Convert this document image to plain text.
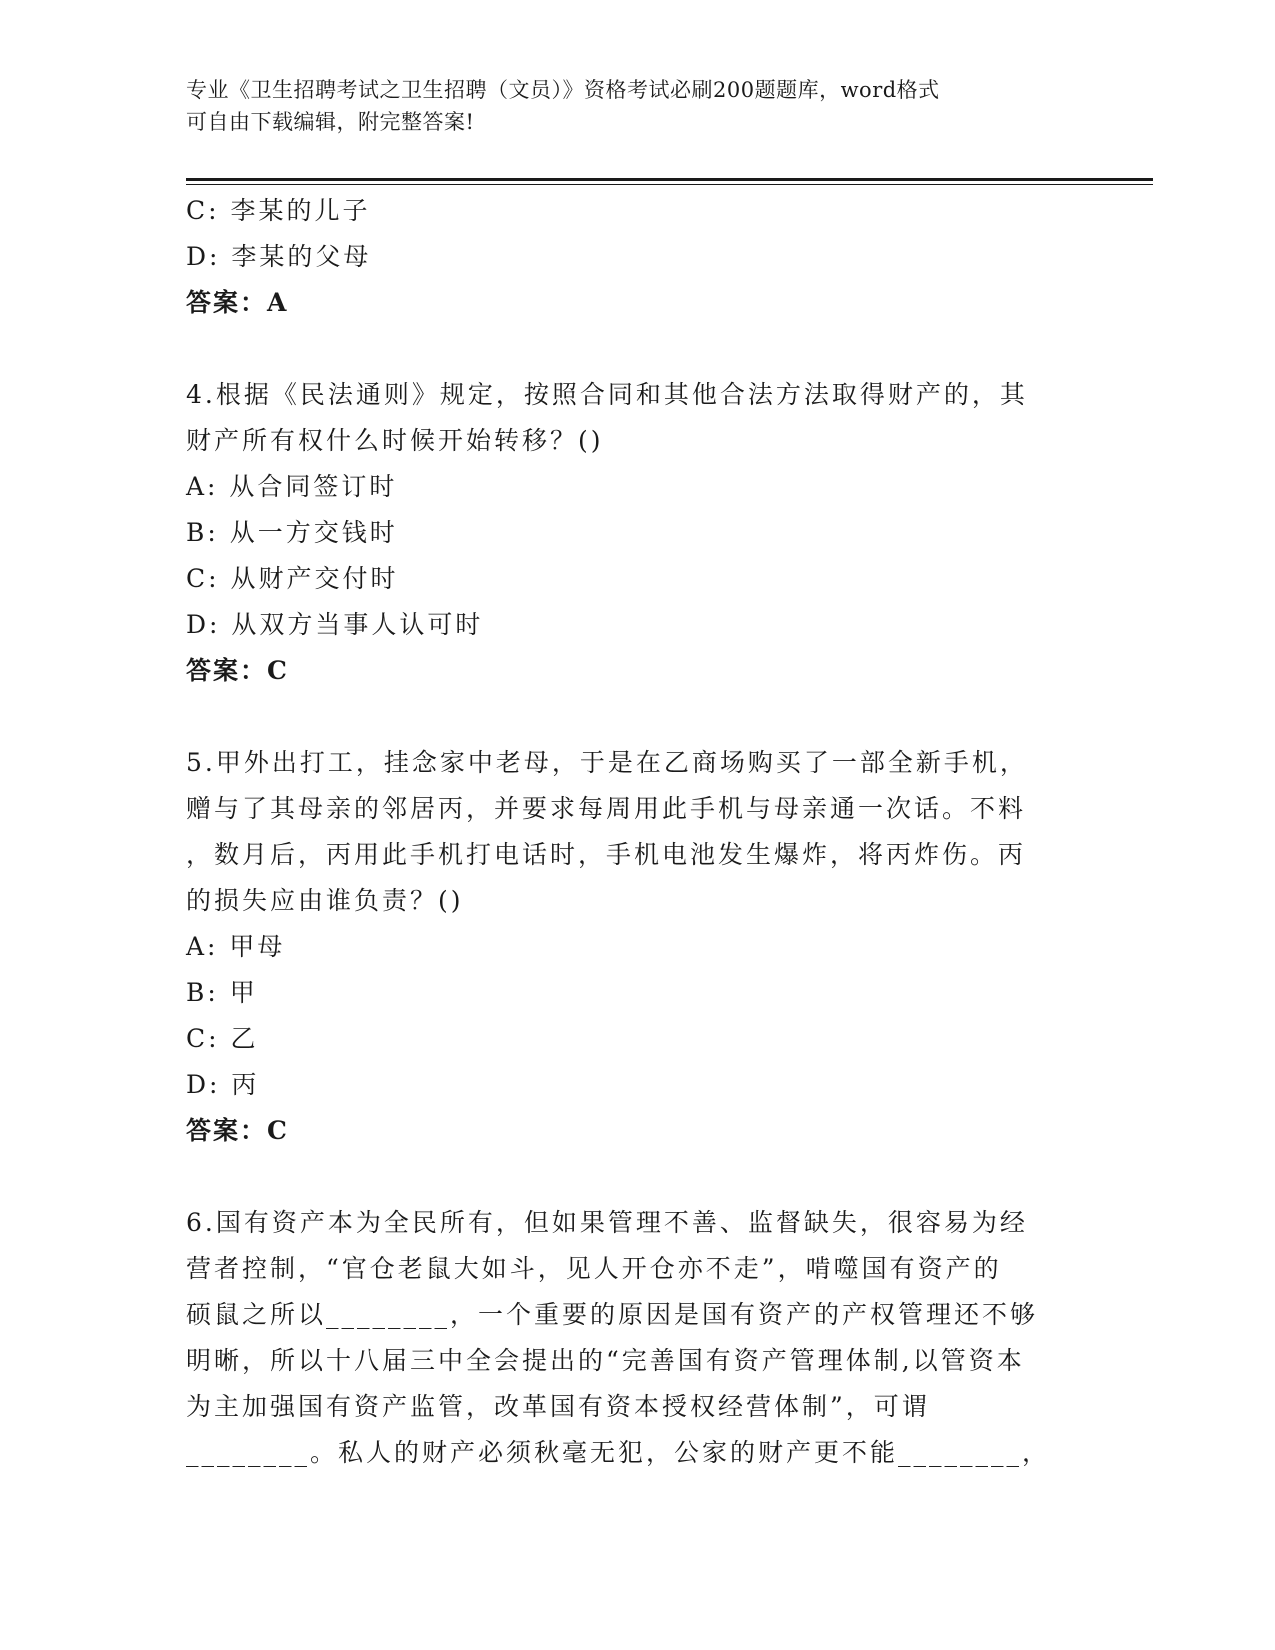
专业《卫生招聘考试之卫生招聘（文员）》资格考试必刷200题题库，word格式
可自由下载编辑，附完整答案!
C: 李某的儿子
D: 李某的父母
答案：A
4.根据《民法通则》规定，按照合同和其他合法方法取得财产的，其
财产所有权什么时候开始转移？()
A: 从合同签订时
B: 从一方交钱时
C: 从财产交付时
D: 从双方当事人认可时
答案：C
5.甲外出打工，挂念家中老母，于是在乙商场购买了一部全新手机，
赠与了其母亲的邻居丙，并要求每周用此手机与母亲通一次话。不料
，数月后，丙用此手机打电话时，手机电池发生爆炸，将丙炸伤。丙
的损失应由谁负责？()
A: 甲母
B: 甲
C: 乙
D: 丙
答案：C
6.国有资产本为全民所有，但如果管理不善、监督缺失，很容易为经
营者控制，“官仓老鼠大如斗，见人开仓亦不走”，啃噬国有资产的
硕鼠之所以________，一个重要的原因是国有资产的产权管理还不够
明晰，所以十八届三中全会提出的“完善国有资产管理体制,以管资本
为主加强国有资产监管，改革国有资本授权经营体制”，可谓
________。私人的财产必须秋毫无犯，公家的财产更不能________，
